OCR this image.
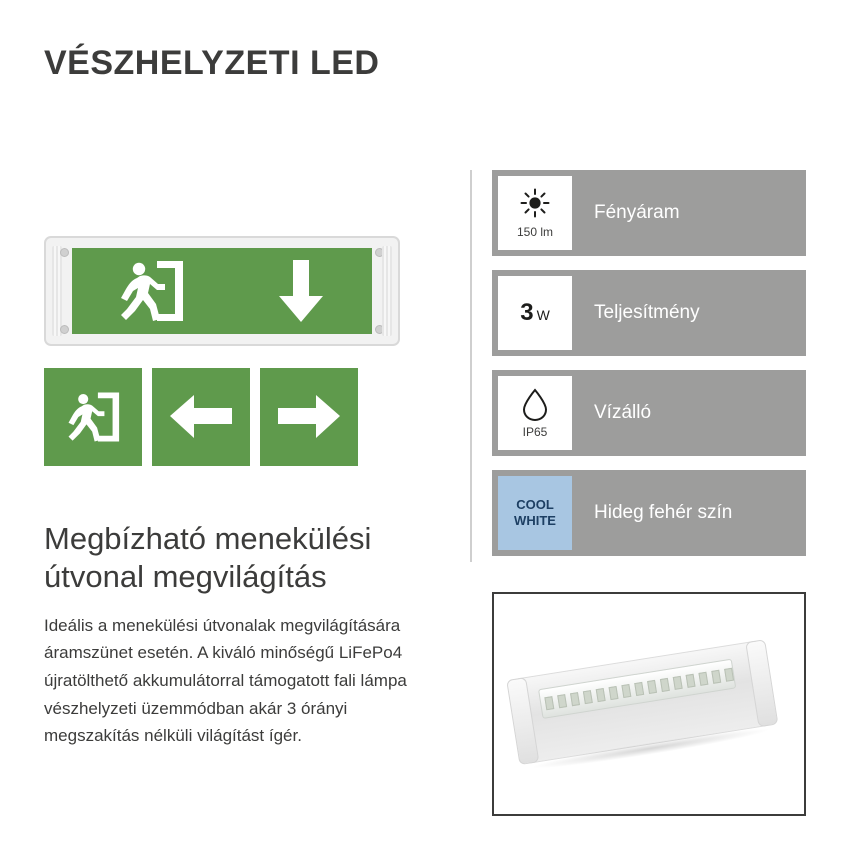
VÉSZHELYZETI LED
Megbízható menekülési útvonal megvilágítás
Ideális a menekülési útvonalak megvilágítására áramszünet esetén. A kiváló minőségű LiFePo4 újratölthető akkumulátorral támogatott fali lámpa vészhelyzeti üzemmódban akár 3 órányi megszakítás nélküli világítást ígér.
150 lm
Fényáram
3 W Teljesítmény
IP65
Vízálló
COOL
WHITE Hideg fehér szín
